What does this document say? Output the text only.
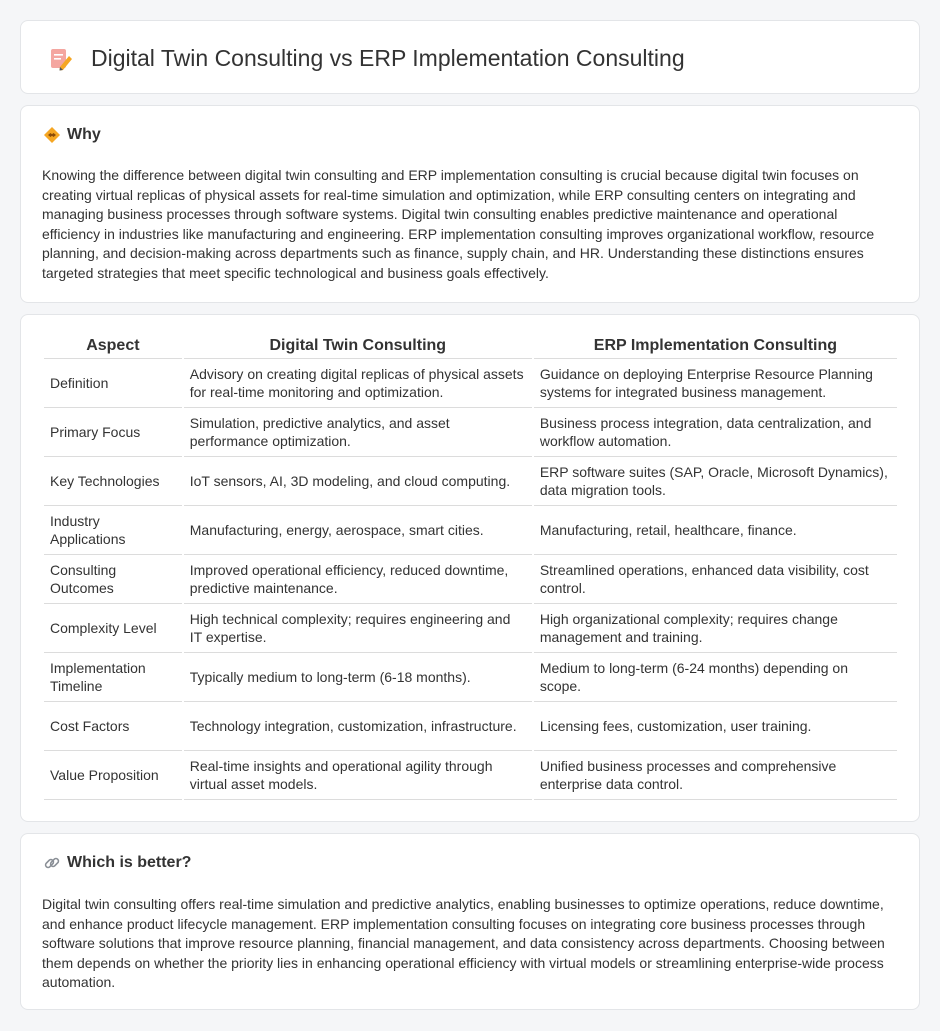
Digital Twin Consulting vs ERP Implementation Consulting
Why

Knowing the difference between digital twin consulting and ERP implementation consulting is crucial because digital twin focuses on creating virtual replicas of physical assets for real-time simulation and optimization, while ERP consulting centers on integrating and managing business processes through software systems. Digital twin consulting enables predictive maintenance and operational efficiency in industries like manufacturing and engineering. ERP implementation consulting improves organizational workflow, resource planning, and decision-making across departments such as finance, supply chain, and HR. Understanding these distinctions ensures targeted strategies that meet specific technological and business goals effectively.

Aspect	Digital Twin Consulting	ERP Implementation Consulting
Definition	Advisory on creating digital replicas of physical assets for real-time monitoring and optimization.	Guidance on deploying Enterprise Resource Planning systems for integrated business management.
Primary Focus	Simulation, predictive analytics, and asset performance optimization.	Business process integration, data centralization, and workflow automation.
Key Technologies	IoT sensors, AI, 3D modeling, and cloud computing.	ERP software suites (SAP, Oracle, Microsoft Dynamics), data migration tools.
Industry Applications	Manufacturing, energy, aerospace, smart cities.	Manufacturing, retail, healthcare, finance.
Consulting Outcomes	Improved operational efficiency, reduced downtime, predictive maintenance.	Streamlined operations, enhanced data visibility, cost control.
Complexity Level	High technical complexity; requires engineering and IT expertise.	High organizational complexity; requires change management and training.
Implementation Timeline	Typically medium to long-term (6-18 months).	Medium to long-term (6-24 months) depending on scope.
Cost Factors	Technology integration, customization, infrastructure.	Licensing fees, customization, user training.
Value Proposition	Real-time insights and operational agility through virtual asset models.	Unified business processes and comprehensive enterprise data control.
Which is better?

Digital twin consulting offers real-time simulation and predictive analytics, enabling businesses to optimize operations, reduce downtime, and enhance product lifecycle management. ERP implementation consulting focuses on integrating core business processes through software solutions that improve resource planning, financial management, and data consistency across departments. Choosing between them depends on whether the priority lies in enhancing operational efficiency with virtual models or streamlining enterprise-wide process automation.
